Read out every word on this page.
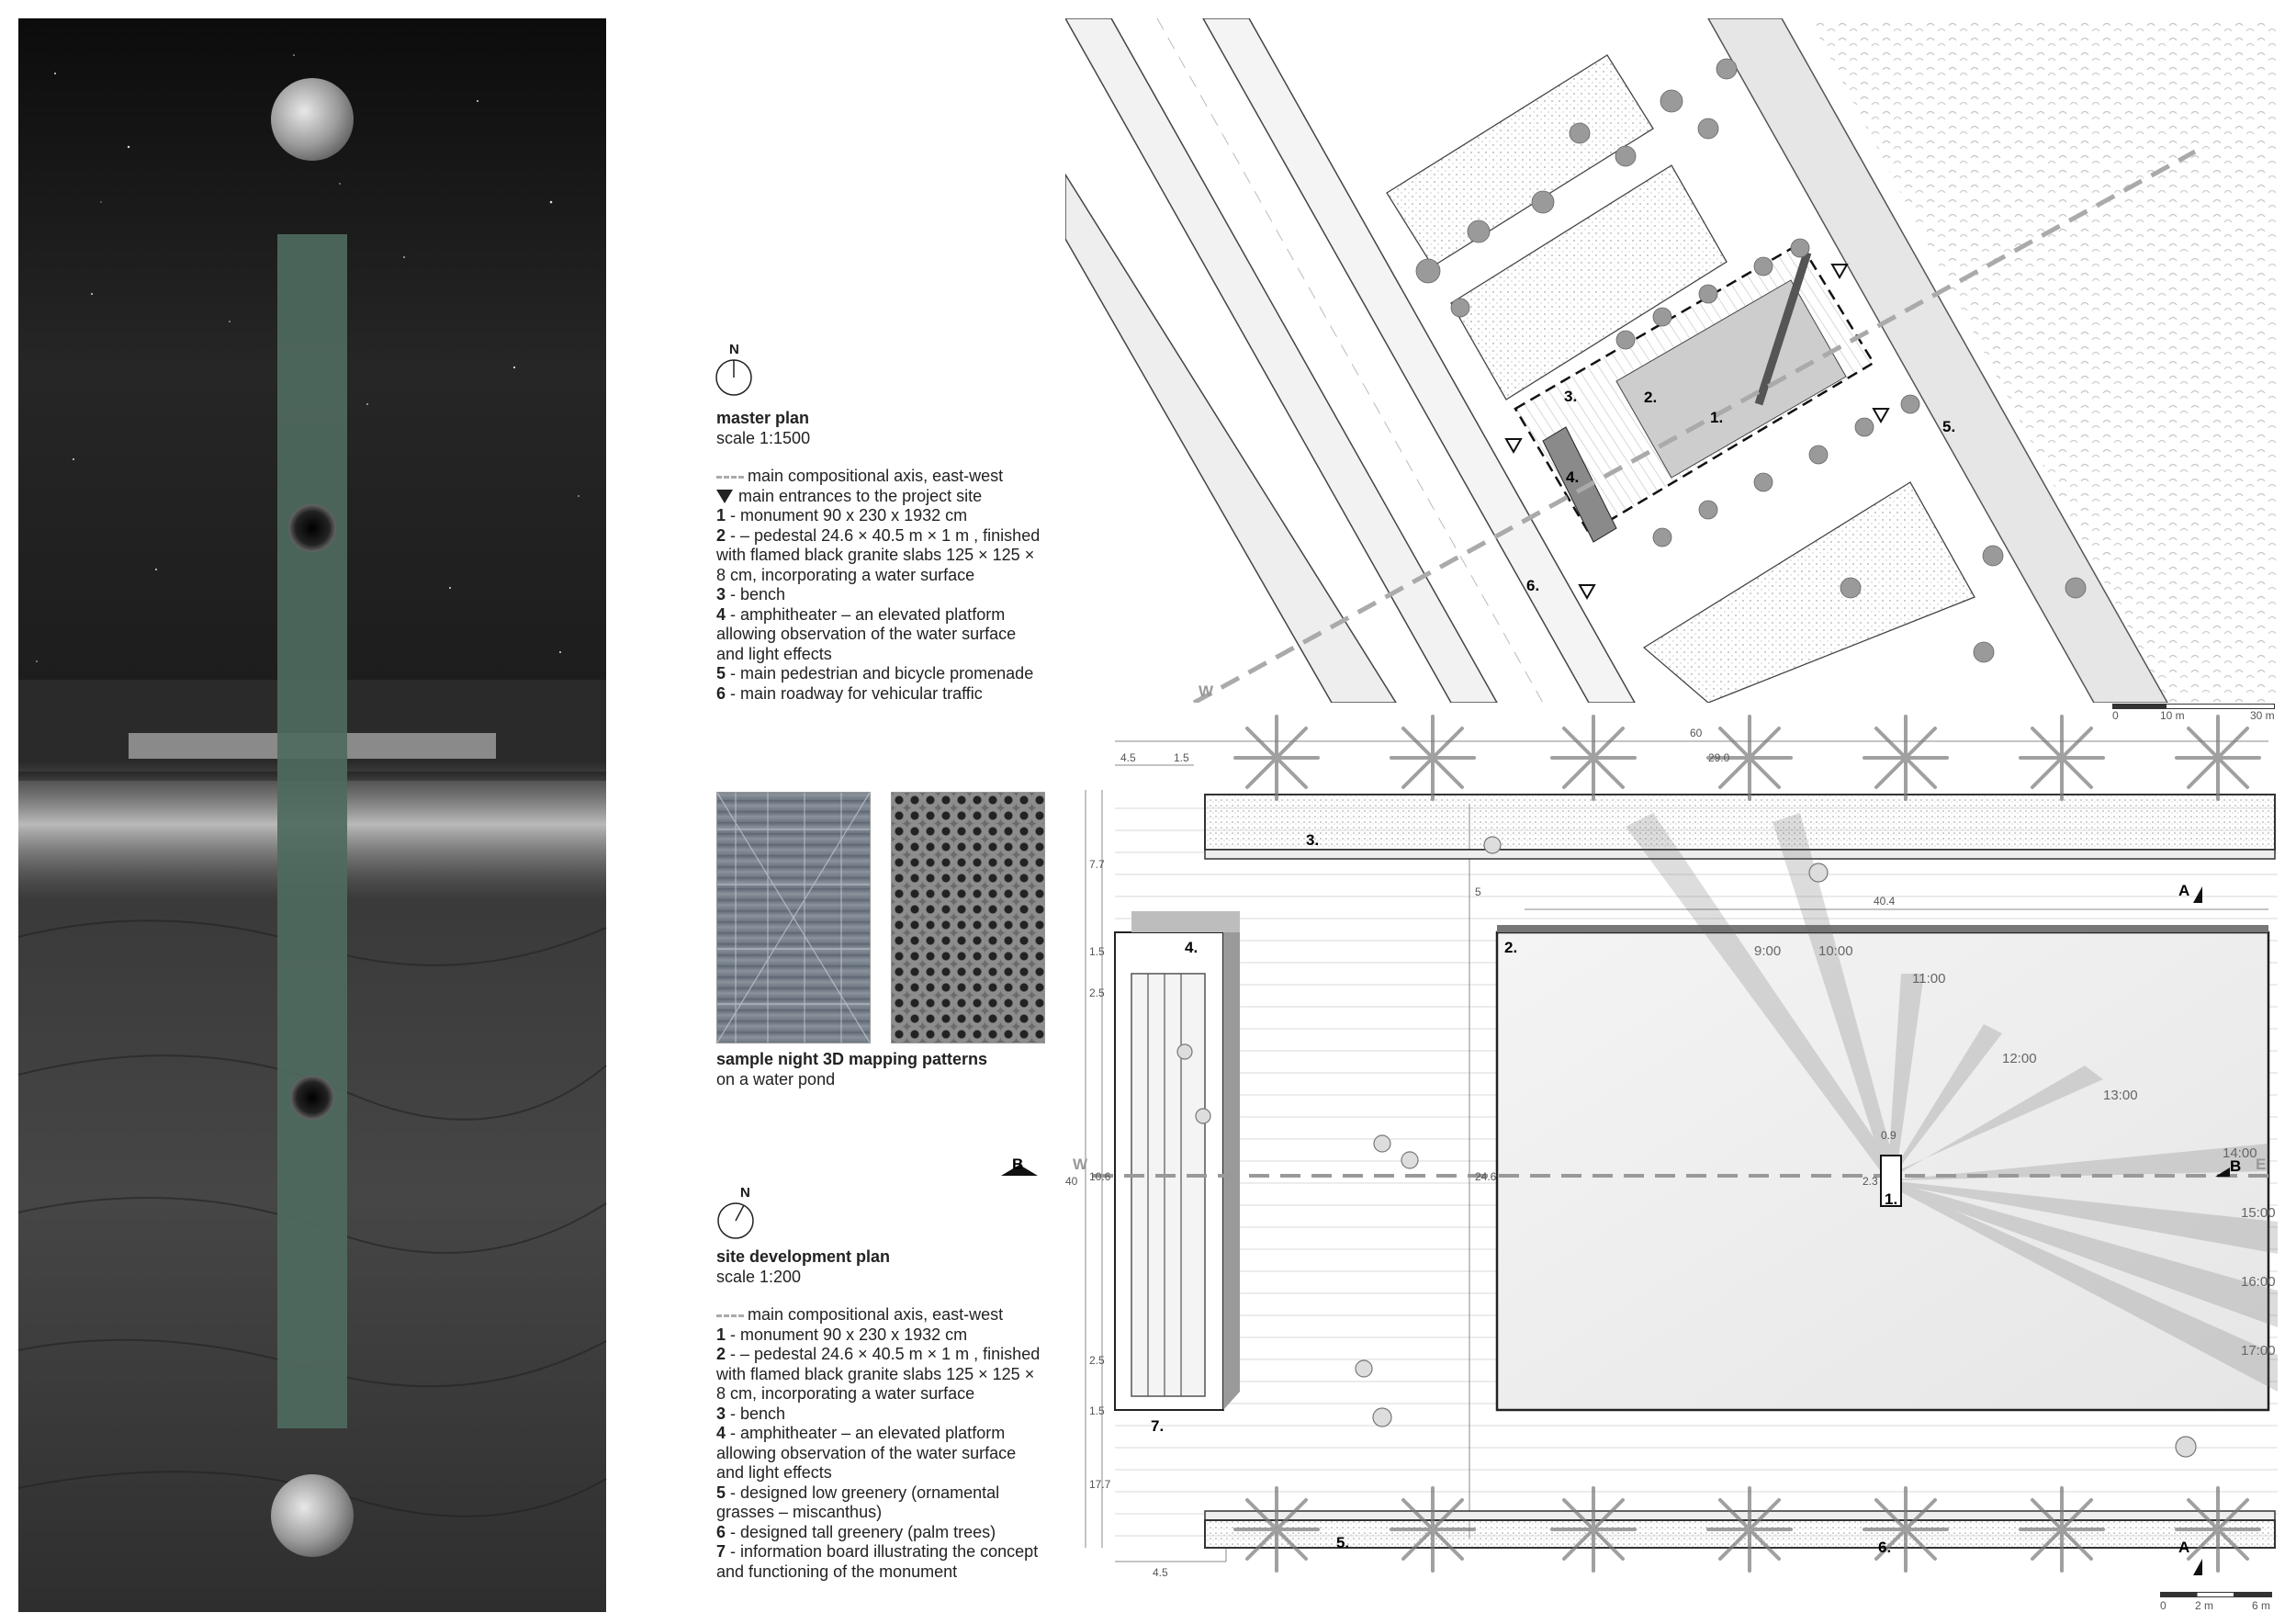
N
master plan
scale 1:1500
main compositional axis, east-west
main entrances to the project site
1 - monument 90 x 230 x 1932 cm
2 - – pedestal 24.6 × 40.5 m × 1 m , finished with flamed black granite slabs 125 × 125 × 8 cm, incorporating a water surface
3 - bench
4 - amphitheater – an elevated platform allowing observation of the water surface and light effects
5 - main pedestrian and bicycle promenade
6 - main roadway for vehicular traffic
sample night 3D mapping patterns
on a water pond
N
site development plan
scale 1:200
main compositional axis, east-west
1 - monument 90 x 230 x 1932 cm
2 - – pedestal 24.6 × 40.5 m × 1 m , finished with flamed black granite slabs 125 × 125 × 8 cm, incorporating a water surface
3 - bench
4 - amphitheater – an elevated platform allowing observation of the water surface and light effects
5 - designed low greenery (ornamental grasses – miscanthus)
6 - designed tall greenery (palm trees)
7 - information board illustrating the concept and functioning of the monument
1.
2.
3.
4.
5.
6.
W
0	10 m	30 m
1.
2.
3.
4.
5.	6.
7.
A
A
B	B
W	E
60
4.5	1.5	29.0
7.7
5
1.5
2.5
10.6
2.5
1.5
17.7
4.5
40.4
0.9
2.3
24.6
40
9:00	10:00
11:00
12:00
13:00
14:00
15:00
16:00
17:00
0	2 m	6 m
